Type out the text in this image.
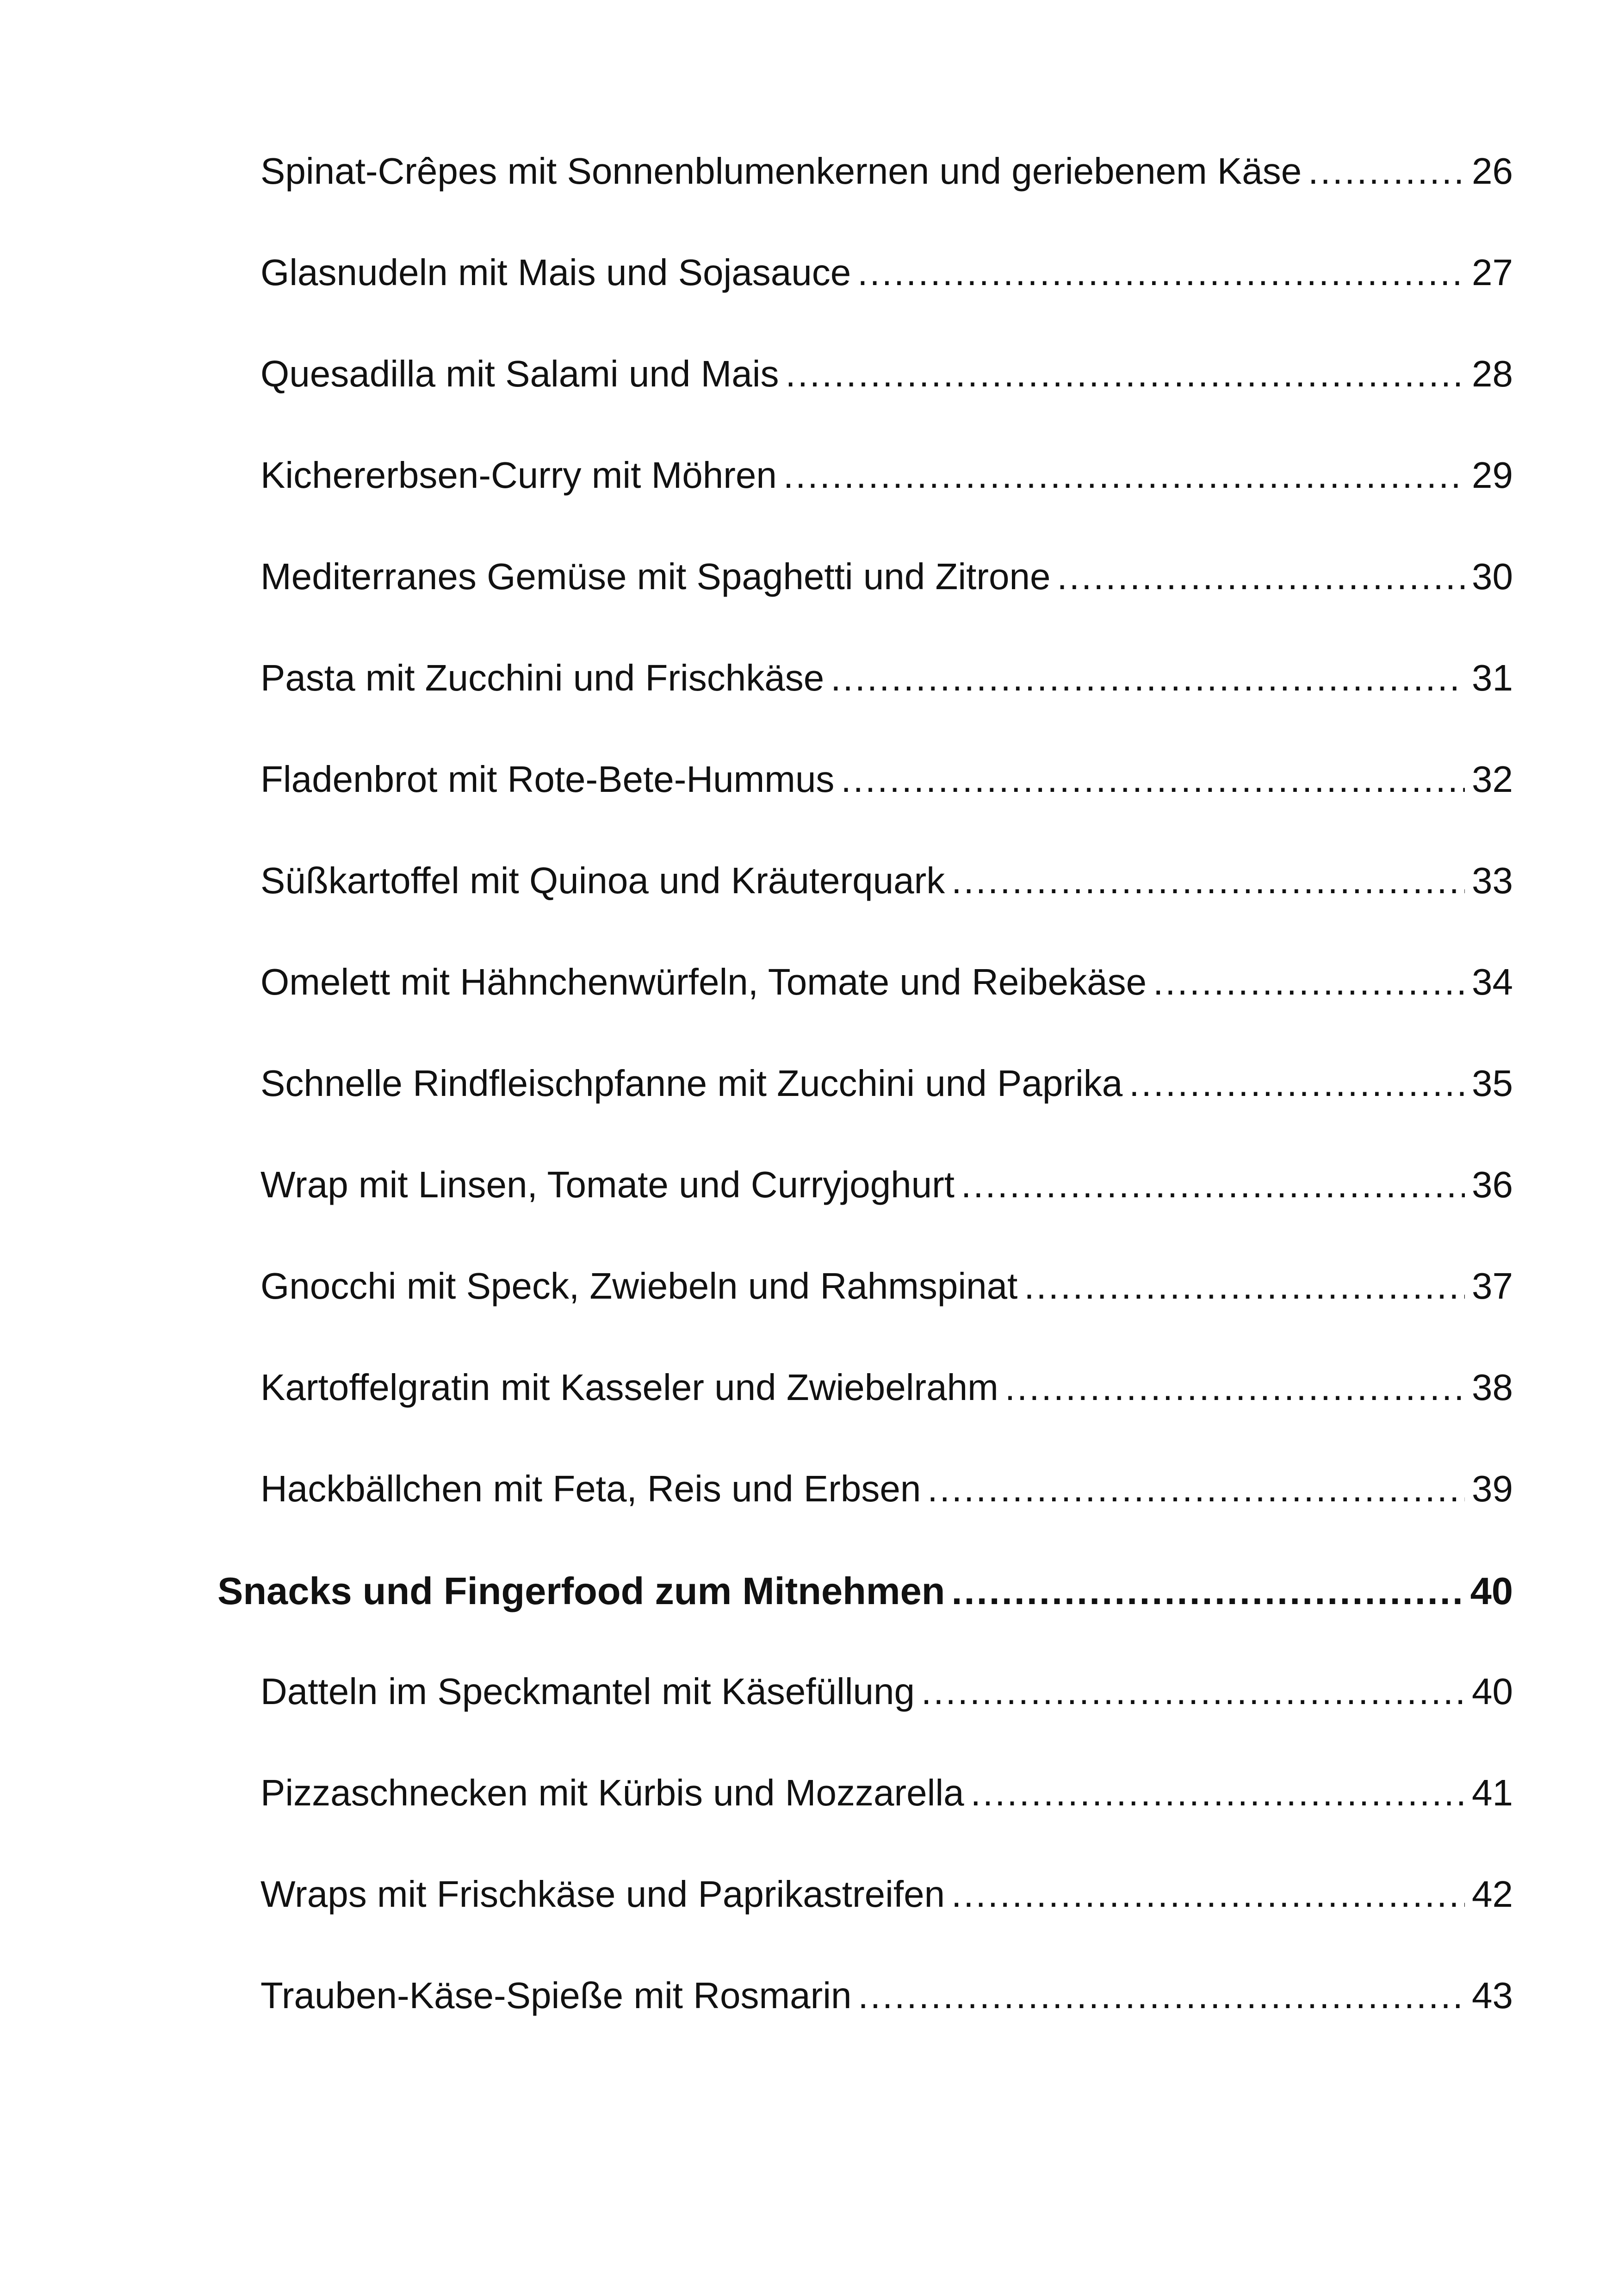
Spinat-Crêpes mit Sonnenblumenkernen und geriebenem Käse .....	26
Glasnudeln mit Mais und Sojasauce .....	27
Quesadilla mit Salami und Mais .....	28
Kichererbsen-Curry mit Möhren .....	29
Mediterranes Gemüse mit Spaghetti und Zitrone .....	30
Pasta mit Zucchini und Frischkäse .....	31
Fladenbrot mit Rote-Bete-Hummus .....	32
Süßkartoffel mit Quinoa und Kräuterquark .....	33
Omelett mit Hähnchenwürfeln, Tomate und Reibekäse .....	34
Schnelle Rindfleischpfanne mit Zucchini und Paprika .....	35
Wrap mit Linsen, Tomate und Curryjoghurt .....	36
Gnocchi mit Speck, Zwiebeln und Rahmspinat .....	37
Kartoffelgratin mit Kasseler und Zwiebelrahm .....	38
Hackbällchen mit Feta, Reis und Erbsen .....	39
Snacks und Fingerfood zum Mitnehmen .....	40
Datteln im Speckmantel mit Käsefüllung .....	40
Pizzaschnecken mit Kürbis und Mozzarella .....	41
Wraps mit Frischkäse und Paprikastreifen .....	42
Trauben-Käse-Spieße mit Rosmarin .....	43
